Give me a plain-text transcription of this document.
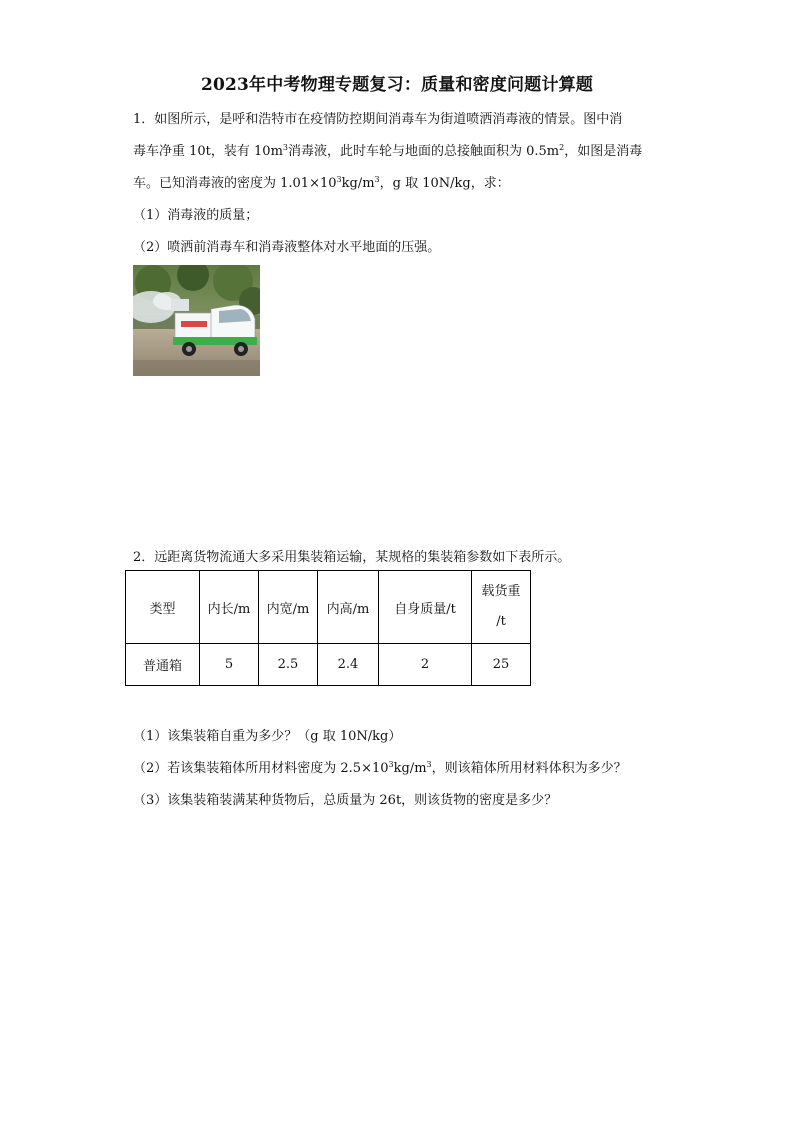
2023年中考物理专题复习：质量和密度问题计算题
1．如图所示，是呼和浩特市在疫情防控期间消毒车为街道喷洒消毒液的情景。图中消
毒车净重 10t，装有 $10m^3$消毒液，此时车轮与地面的总接触面积为 $0.5m^2$，如图是消毒
车。已知消毒液的密度为 $1.01\times 10^3kg/m^3$，g 取 10N/kg，求：
（1）消毒液的质量；
（2）喷洒前消毒车和消毒液整体对水平地面的压强。
2．远距离货物流通大多采用集装箱运输，某规格的集装箱参数如下表所示。
类型	内长/m	内宽/m	内高/m	自身质量/t	载货重
/t
普通箱	5	2.5	2.4	2	25
（1）该集装箱自重为多少？（g 取 10N/kg）
（2）若该集装箱体所用材料密度为 $2.5\times 10^3kg/m^3$，则该箱体所用材料体积为多少？
（3）该集装箱装满某种货物后，总质量为 26t，则该货物的密度是多少？
